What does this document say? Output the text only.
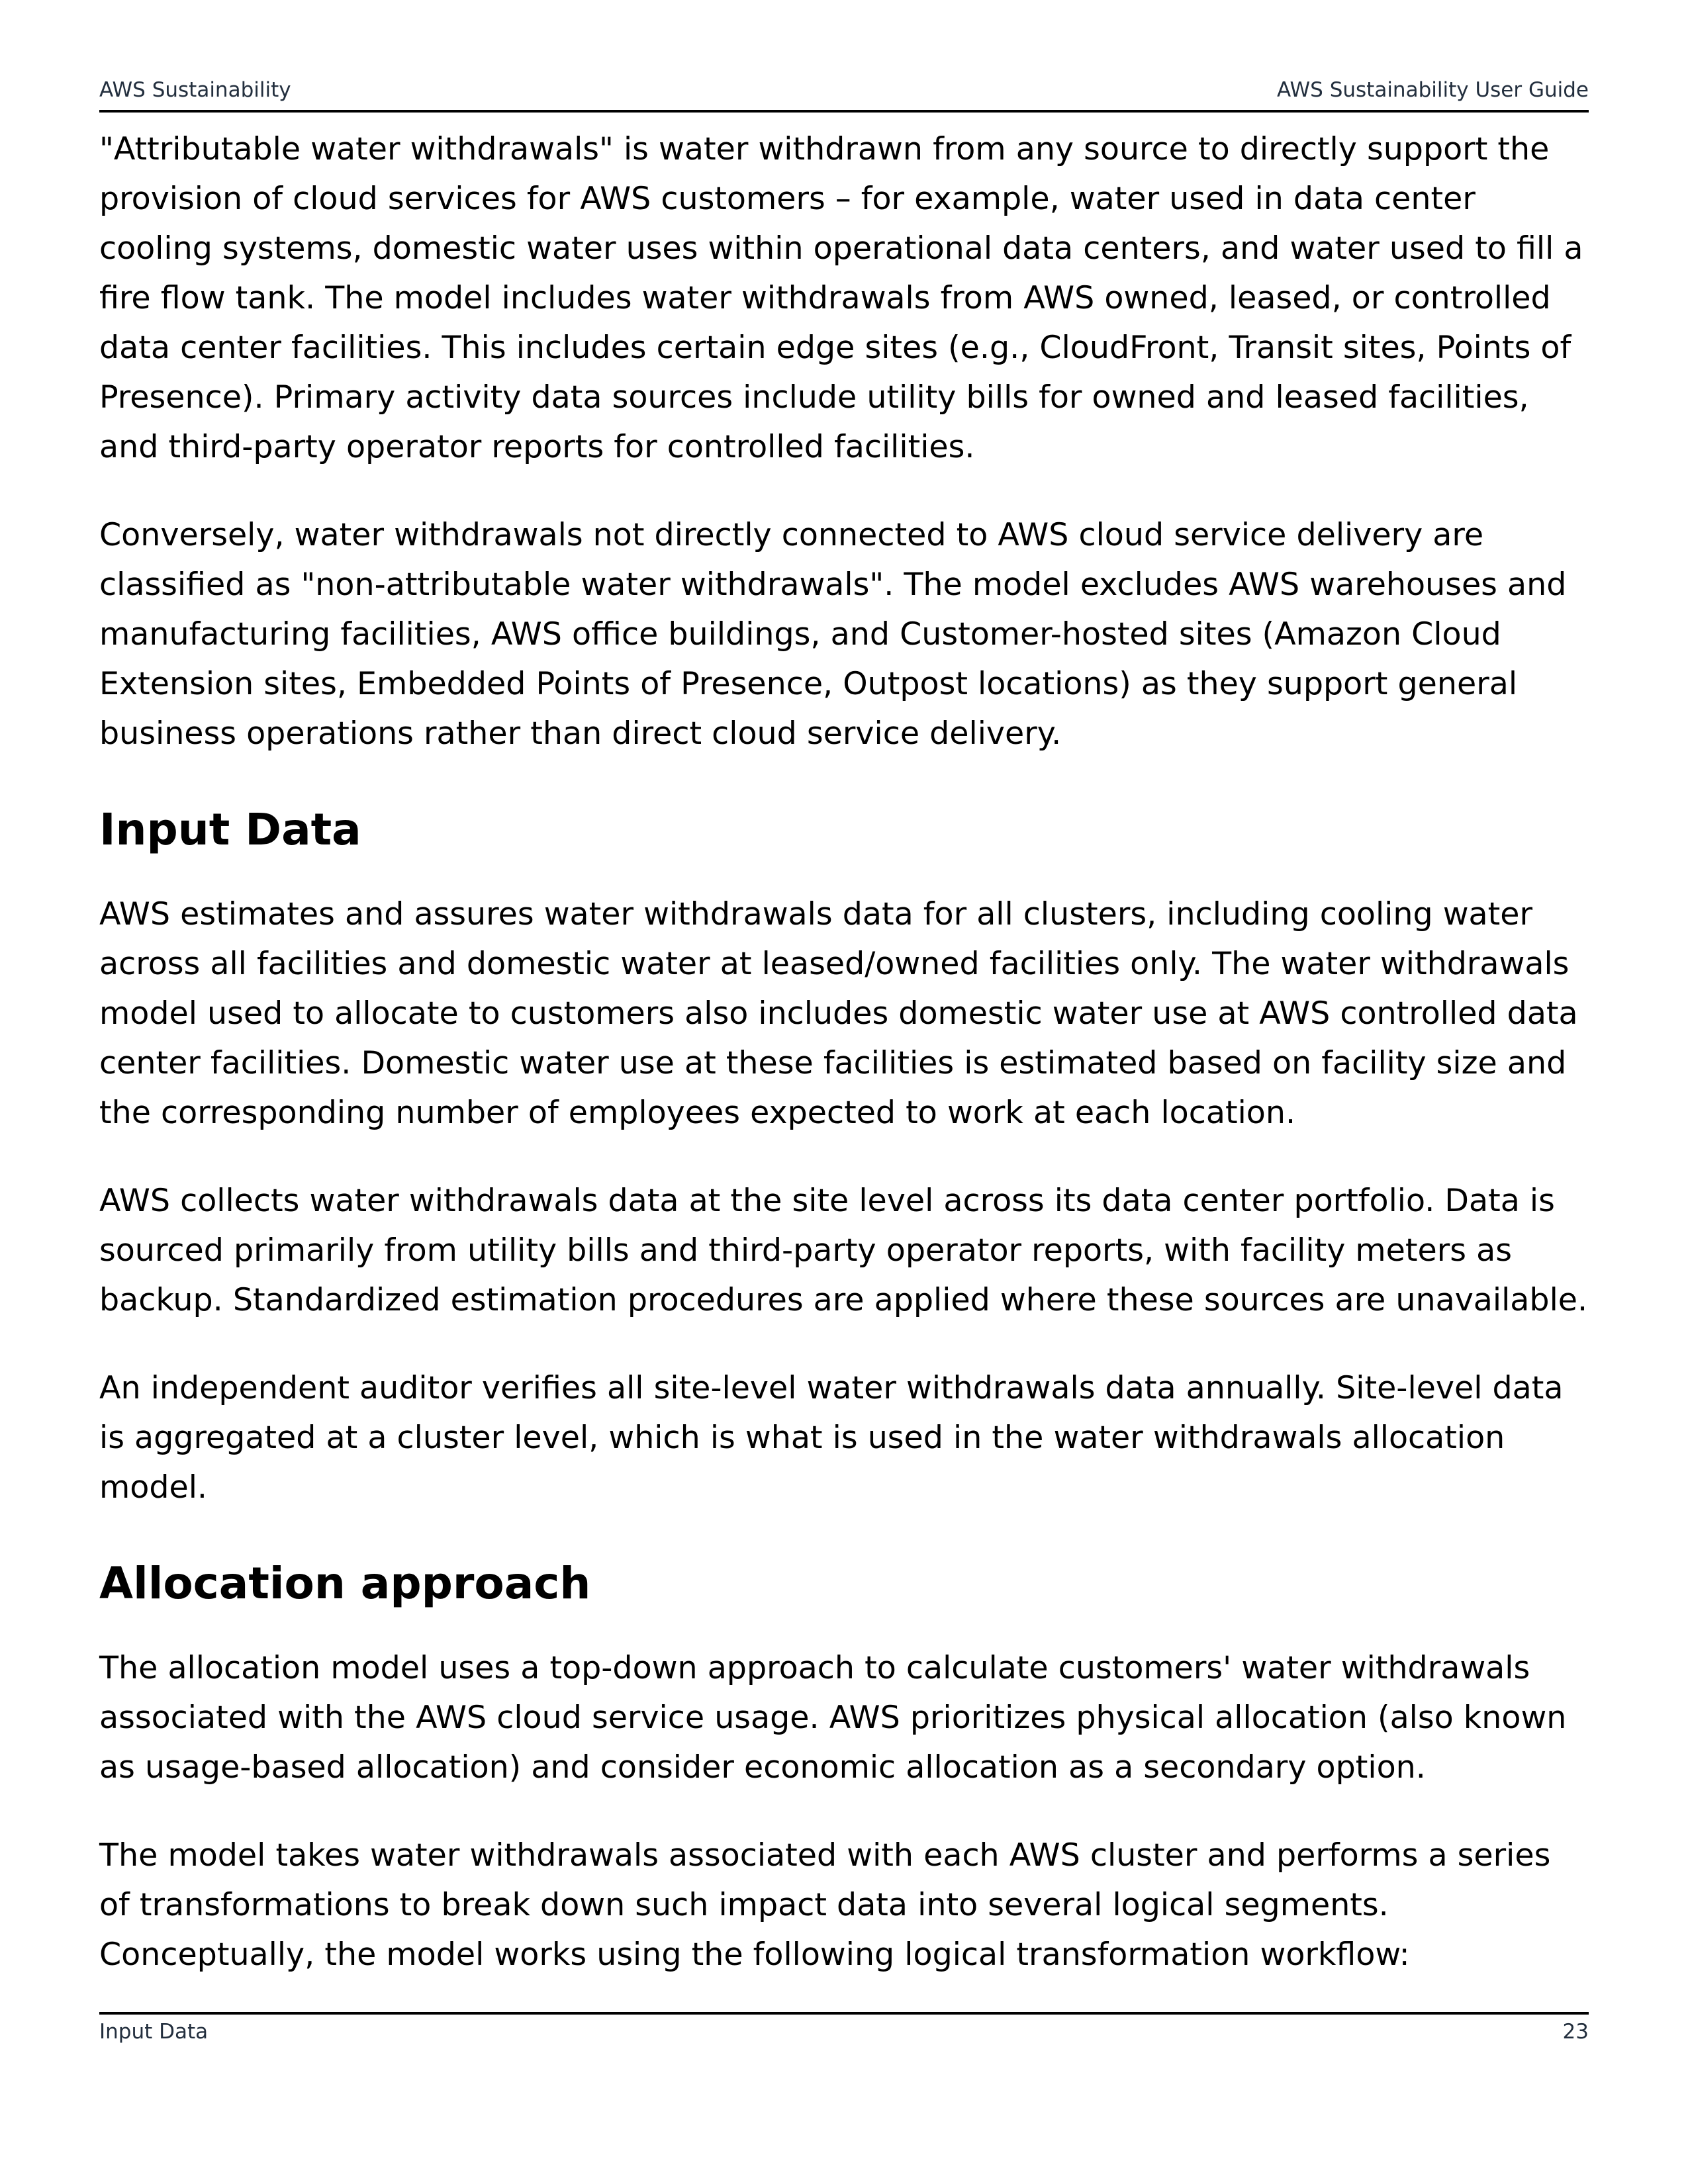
AWS Sustainability	AWS Sustainability User Guide

"Attributable water withdrawals" is water withdrawn from any source to directly support the provision of cloud services for AWS customers – for example, water used in data center cooling systems, domestic water uses within operational data centers, and water used to fill a fire flow tank. The model includes water withdrawals from AWS owned, leased, or controlled data center facilities. This includes certain edge sites (e.g., CloudFront, Transit sites, Points of Presence). Primary activity data sources include utility bills for owned and leased facilities, and third-party operator reports for controlled facilities.

Conversely, water withdrawals not directly connected to AWS cloud service delivery are classified as "non-attributable water withdrawals". The model excludes AWS warehouses and manufacturing facilities, AWS office buildings, and Customer-hosted sites (Amazon Cloud Extension sites, Embedded Points of Presence, Outpost locations) as they support general business operations rather than direct cloud service delivery.

Input Data

AWS estimates and assures water withdrawals data for all clusters, including cooling water across all facilities and domestic water at leased/owned facilities only. The water withdrawals model used to allocate to customers also includes domestic water use at AWS controlled data center facilities. Domestic water use at these facilities is estimated based on facility size and the corresponding number of employees expected to work at each location.

AWS collects water withdrawals data at the site level across its data center portfolio. Data is sourced primarily from utility bills and third-party operator reports, with facility meters as backup. Standardized estimation procedures are applied where these sources are unavailable.

An independent auditor verifies all site-level water withdrawals data annually. Site-level data is aggregated at a cluster level, which is what is used in the water withdrawals allocation model.

Allocation approach

The allocation model uses a top-down approach to calculate customers' water withdrawals associated with the AWS cloud service usage. AWS prioritizes physical allocation (also known as usage-based allocation) and consider economic allocation as a secondary option.

The model takes water withdrawals associated with each AWS cluster and performs a series of transformations to break down such impact data into several logical segments. Conceptually, the model works using the following logical transformation workflow:

Input Data	23
